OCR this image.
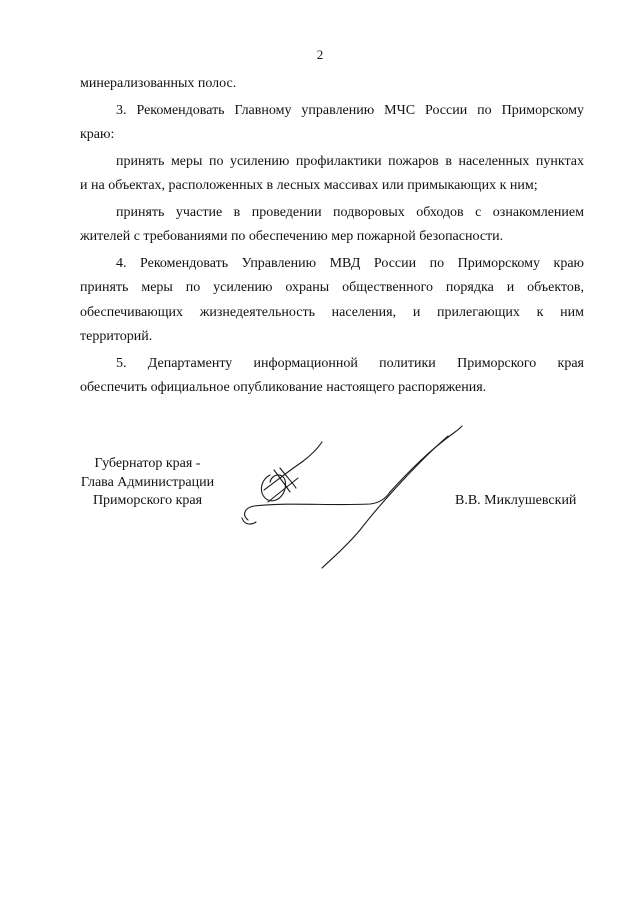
2
минерализованных полос.
3. Рекомендовать Главному управлению МЧС России по Приморскому
краю:
принять меры по усилению профилактики пожаров в населенных пунктах
и на объектах, расположенных в лесных массивах или примыкающих к ним;
принять участие в проведении подворовых обходов с ознакомлением
жителей с требованиями по обеспечению мер пожарной безопасности.
4. Рекомендовать Управлению МВД России по Приморскому краю
принять меры по усилению охраны общественного порядка и объектов,
обеспечивающих жизнедеятельность населения, и прилегающих к ним
территорий.
5. Департаменту информационной политики Приморского края
обеспечить официальное опубликование настоящего распоряжения.
Губернатор края -
Глава Администрации
Приморского края	В.В. Миклушевский
